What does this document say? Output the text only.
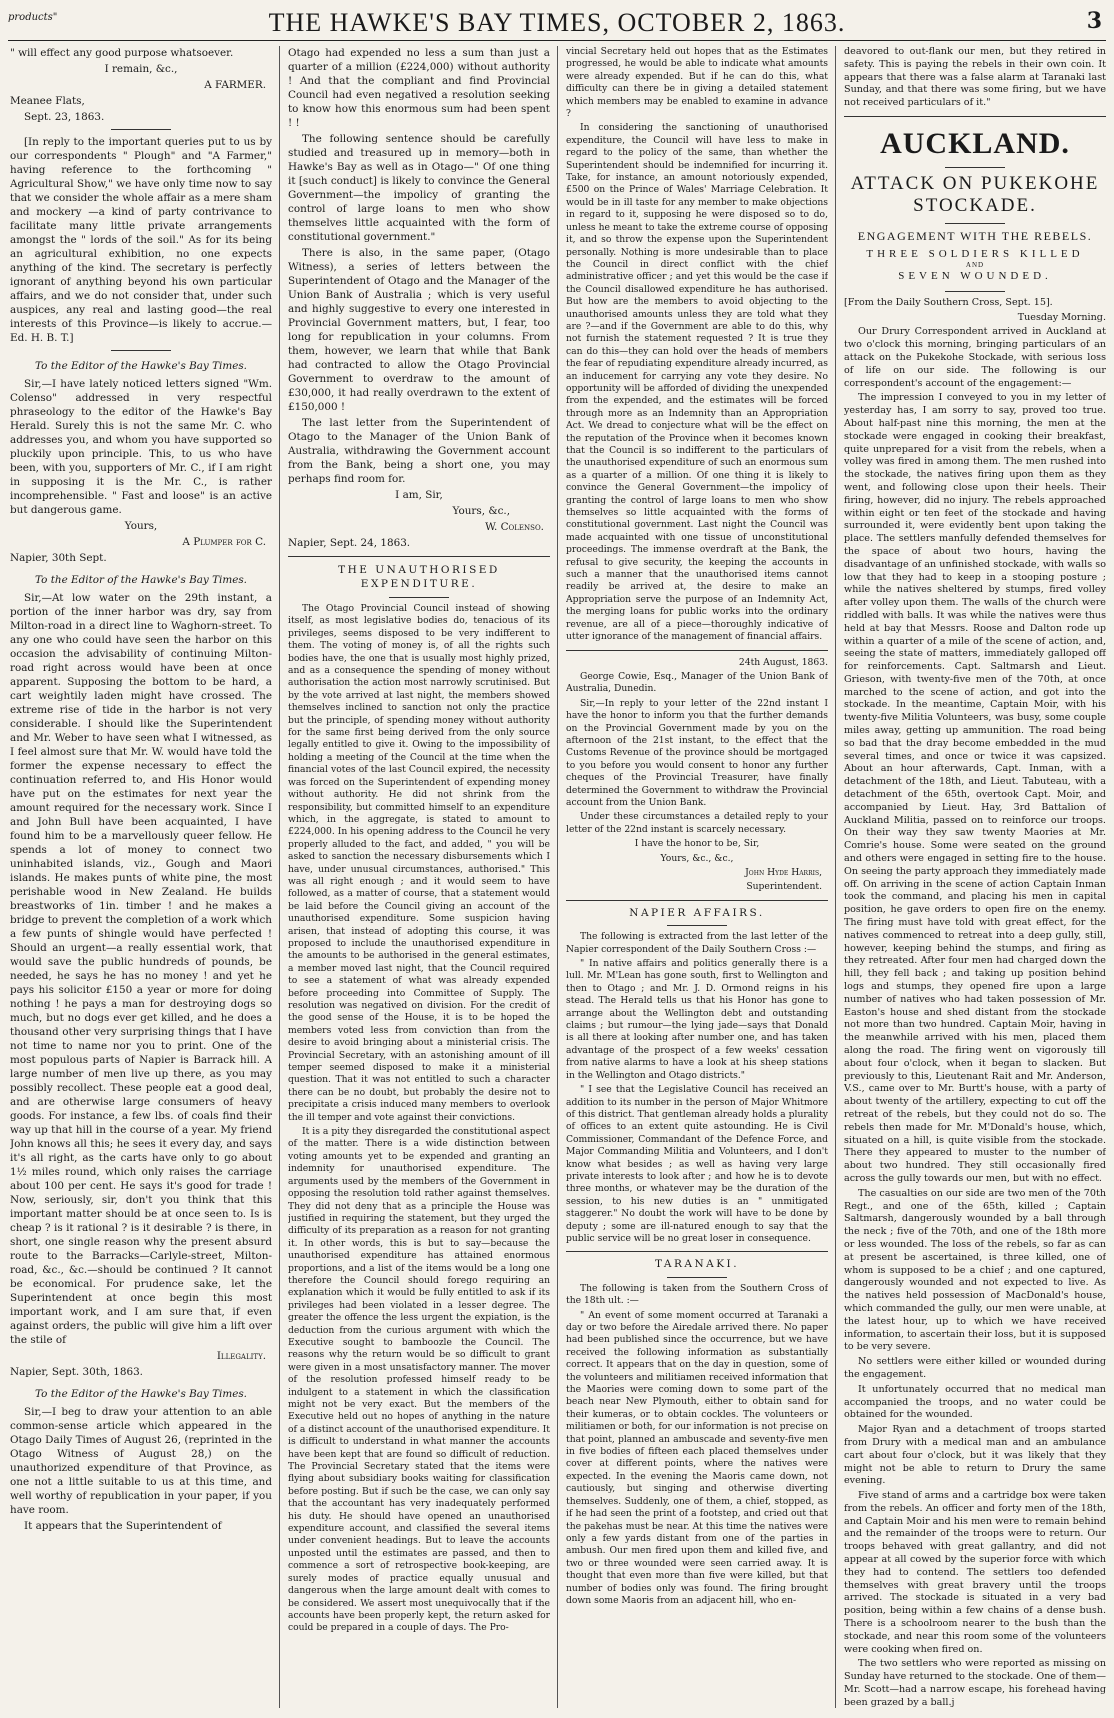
products"	THE HAWKE'S BAY TIMES, OCTOBER 2, 1863.	3

" will effect any good purpose whatsoever.

I remain, &c.,

A FARMER.

Meanee Flats,

Sept. 23, 1863.

[In reply to the important queries put to us by our correspondents " Plough" and "A Farmer," having reference to the forthcoming " Agricultural Show," we have only time now to say that we consider the whole affair as a mere sham and mockery —a kind of party contrivance to facilitate many little private arrangements amongst the " lords of the soil." As for its being an agricultural exhibition, no one expects anything of the kind. The secretary is perfectly ignorant of anything beyond his own particular affairs, and we do not consider that, under such auspices, any real and lasting good—the real interests of this Province—is likely to accrue.— Ed. H. B. T.]

To the Editor of the Hawke's Bay Times.

Sir,—I have lately noticed letters signed "Wm. Colenso" addressed in very respectful phraseology to the editor of the Hawke's Bay Herald. Surely this is not the same Mr. C. who addresses you, and whom you have supported so pluckily upon principle. This, to us who have been, with you, supporters of Mr. C., if I am right in supposing it is the Mr. C., is rather incomprehensible. " Fast and loose" is an active but dangerous game.

Yours,

A Plumper for C.

Napier, 30th Sept.

To the Editor of the Hawke's Bay Times.

Sir,—At low water on the 29th instant, a portion of the inner harbor was dry, say from Milton-road in a direct line to Waghorn-street. To any one who could have seen the harbor on this occasion the advisability of continuing Milton-road right across would have been at once apparent. Supposing the bottom to be hard, a cart weightily laden might have crossed. The extreme rise of tide in the harbor is not very considerable. I should like the Superintendent and Mr. Weber to have seen what I witnessed, as I feel almost sure that Mr. W. would have told the former the expense necessary to effect the continuation referred to, and His Honor would have put on the estimates for next year the amount required for the necessary work. Since I and John Bull have been acquainted, I have found him to be a marvellously queer fellow. He spends a lot of money to connect two uninhabited islands, viz., Gough and Maori islands. He makes punts of white pine, the most perishable wood in New Zealand. He builds breastworks of 1in. timber ! and he makes a bridge to prevent the completion of a work which a few punts of shingle would have perfected ! Should an urgent—a really essential work, that would save the public hundreds of pounds, be needed, he says he has no money ! and yet he pays his solicitor £150 a year or more for doing nothing ! he pays a man for destroying dogs so much, but no dogs ever get killed, and he does a thousand other very surprising things that I have not time to name nor you to print. One of the most populous parts of Napier is Barrack hill. A large number of men live up there, as you may possibly recollect. These people eat a good deal, and are otherwise large consumers of heavy goods. For instance, a few lbs. of coals find their way up that hill in the course of a year. My friend John knows all this; he sees it every day, and says it's all right, as the carts have only to go about 1½ miles round, which only raises the carriage about 100 per cent. He says it's good for trade ! Now, seriously, sir, don't you think that this important matter should be at once seen to. Is is cheap ? is it rational ? is it desirable ? is there, in short, one single reason why the present absurd route to the Barracks—Carlyle-street, Milton-road, &c., &c.—should be continued ? It cannot be economical. For prudence sake, let the Superintendent at once begin this most important work, and I am sure that, if even against orders, the public will give him a lift over the stile of

Illegality.

Napier, Sept. 30th, 1863.

To the Editor of the Hawke's Bay Times.

Sir,—I beg to draw your attention to an able common-sense article which appeared in the Otago Daily Times of August 26, (reprinted in the Otago Witness of August 28,) on the unauthorized expenditure of that Province, as one not a little suitable to us at this time, and well worthy of republication in your paper, if you have room.

It appears that the Superintendent of

Otago had expended no less a sum than just a quarter of a million (£224,000) without authority ! And that the compliant and find Provincial Council had even negatived a resolution seeking to know how this enormous sum had been spent ! !

The following sentence should be carefully studied and treasured up in memory—both in Hawke's Bay as well as in Otago—" Of one thing it [such conduct] is likely to convince the General Government—the impolicy of granting the control of large loans to men who show themselves little acquainted with the form of constitutional government."

There is also, in the same paper, (Otago Witness), a series of letters between the Superintendent of Otago and the Manager of the Union Bank of Australia ; which is very useful and highly suggestive to every one interested in Provincial Government matters, but, I fear, too long for republication in your columns. From them, however, we learn that while that Bank had contracted to allow the Otago Provincial Government to overdraw to the amount of £30,000, it had really overdrawn to the extent of £150,000 !

The last letter from the Superintendent of Otago to the Manager of the Union Bank of Australia, withdrawing the Government account from the Bank, being a short one, you may perhaps find room for.

I am, Sir,

Yours, &c.,

W. Colenso.

Napier, Sept. 24, 1863.

THE UNAUTHORISED EXPENDITURE.

The Otago Provincial Council instead of showing itself, as most legislative bodies do, tenacious of its privileges, seems disposed to be very indifferent to them. The voting of money is, of all the rights such bodies have, the one that is usually most highly prized, and as a consequence the spending of money without authorisation the action most narrowly scrutinised. But by the vote arrived at last night, the members showed themselves inclined to sanction not only the practice but the principle, of spending money without authority for the same first being derived from the only source legally entitled to give it. Owing to the impossibility of holding a meeting of the Council at the time when the financial votes of the last Council expired, the necessity was forced on the Superintendent of expending money without authority. He did not shrink from the responsibility, but committed himself to an expenditure which, in the aggregate, is stated to amount to £224,000. In his opening address to the Council he very properly alluded to the fact, and added, " you will be asked to sanction the necessary disbursements which I have, under unusual circumstances, authorised." This was all right enough ; and it would seem to have followed, as a matter of course, that a statement would be laid before the Council giving an account of the unauthorised expenditure. Some suspicion having arisen, that instead of adopting this course, it was proposed to include the unauthorised expenditure in the amounts to be authorised in the general estimates, a member moved last night, that the Council required to see a statement of what was already expended before proceeding into Committee of Supply. The resolution was negatived on division. For the credit of the good sense of the House, it is to be hoped the members voted less from conviction than from the desire to avoid bringing about a ministerial crisis. The Provincial Secretary, with an astonishing amount of ill temper seemed disposed to make it a ministerial question. That it was not entitled to such a character there can be no doubt, but probably the desire not to precipitate a crisis induced many members to overlook the ill temper and vote against their convictions.

It is a pity they disregarded the constitutional aspect of the matter. There is a wide distinction between voting amounts yet to be expended and granting an indemnity for unauthorised expenditure. The arguments used by the members of the Government in opposing the resolution told rather against themselves. They did not deny that as a principle the House was justified in requiring the statement, but they urged the difficulty of its preparation as a reason for not granting it. In other words, this is but to say—because the unauthorised expenditure has attained enormous proportions, and a list of the items would be a long one therefore the Council should forego requiring an explanation which it would be fully entitled to ask if its privileges had been violated in a lesser degree. The greater the offence the less urgent the expiation, is the deduction from the curious argument with which the Executive sought to bamboozle the Council. The reasons why the return would be so difficult to grant were given in a most unsatisfactory manner. The mover of the resolution professed himself ready to be indulgent to a statement in which the classification might not be very exact. But the members of the Executive held out no hopes of anything in the nature of a distinct account of the unauthorised expenditure. It is difficult to understand in what manner the accounts have been kept that are found so difficult of reduction. The Provincial Secretary stated that the items were flying about subsidiary books waiting for classification before posting. But if such be the case, we can only say that the accountant has very inadequately performed his duty. He should have opened an unauthorised expenditure account, and classified the several items under convenient headings. But to leave the accounts unposted until the estimates are passed, and then to commence a sort of retrospective book-keeping, are surely modes of practice equally unusual and dangerous when the large amount dealt with comes to be considered. We assert most unequivocally that if the accounts have been properly kept, the return asked for could be prepared in a couple of days. The Pro-

vincial Secretary held out hopes that as the Estimates progressed, he would be able to indicate what amounts were already expended. But if he can do this, what difficulty can there be in giving a detailed statement which members may be enabled to examine in advance ?

In considering the sanctioning of unauthorised expenditure, the Council will have less to make in regard to the policy of the same, than whether the Superintendent should be indemnified for incurring it. Take, for instance, an amount notoriously expended, £500 on the Prince of Wales' Marriage Celebration. It would be in ill taste for any member to make objections in regard to it, supposing he were disposed so to do, unless he meant to take the extreme course of opposing it, and so throw the expense upon the Superintendent personally. Nothing is more undesirable than to place the Council in direct conflict with the chief administrative officer ; and yet this would be the case if the Council disallowed expenditure he has authorised. But how are the members to avoid objecting to the unauthorised amounts unless they are told what they are ?—and if the Government are able to do this, why not furnish the statement requested ? It is true they can do this—they can hold over the heads of members the fear of repudiating expenditure already incurred, as an inducement for carrying any vote they desire. No opportunity will be afforded of dividing the unexpended from the expended, and the estimates will be forced through more as an Indemnity than an Appropriation Act. We dread to conjecture what will be the effect on the reputation of the Province when it becomes known that the Council is so indifferent to the particulars of the unauthorised expenditure of such an enormous sum as a quarter of a million. Of one thing it is likely to convince the General Government—the impolicy of granting the control of large loans to men who show themselves so little acquainted with the forms of constitutional government. Last night the Council was made acquainted with one tissue of unconstitutional proceedings. The immense overdraft at the Bank, the refusal to give security, the keeping the accounts in such a manner that the unauthorised items cannot readily be arrived at, the desire to make an Appropriation serve the purpose of an Indemnity Act, the merging loans for public works into the ordinary revenue, are all of a piece—thoroughly indicative of utter ignorance of the management of financial affairs.

24th August, 1863.

George Cowie, Esq., Manager of the Union Bank of Australia, Dunedin.

Sir,—In reply to your letter of the 22nd instant I have the honor to inform you that the further demands on the Provincial Government made by you on the afternoon of the 21st instant, to the effect that the Customs Revenue of the province should be mortgaged to you before you would consent to honor any further cheques of the Provincial Treasurer, have finally determined the Government to withdraw the Provincial account from the Union Bank.

Under these circumstances a detailed reply to your letter of the 22nd instant is scarcely necessary.

I have the honor to be, Sir,

Yours, &c., &c.,

John Hyde Harris,

Superintendent.

NAPIER AFFAIRS.

The following is extracted from the last letter of the Napier correspondent of the Daily Southern Cross :—

" In native affairs and politics generally there is a lull. Mr. M'Lean has gone south, first to Wellington and then to Otago ; and Mr. J. D. Ormond reigns in his stead. The Herald tells us that his Honor has gone to arrange about the Wellington debt and outstanding claims ; but rumour—the lying jade—says that Donald is all there at looking after number one, and has taken advantage of the prospect of a few weeks' cessation from native alarms to have a look at his sheep stations in the Wellington and Otago districts."

" I see that the Legislative Council has received an addition to its number in the person of Major Whitmore of this district. That gentleman already holds a plurality of offices to an extent quite astounding. He is Civil Commissioner, Commandant of the Defence Force, and Major Commanding Militia and Volunteers, and I don't know what besides ; as well as having very large private interests to look after ; and how he is to devote three months, or whatever may be the duration of the session, to his new duties is an " unmitigated staggerer." No doubt the work will have to be done by deputy ; some are ill-natured enough to say that the public service will be no great loser in consequence.

TARANAKI.

The following is taken from the Southern Cross of the 18th ult. :—

" An event of some moment occurred at Taranaki a day or two before the Airedale arrived there. No paper had been published since the occurrence, but we have received the following information as substantially correct. It appears that on the day in question, some of the volunteers and militiamen received information that the Maories were coming down to some part of the beach near New Plymouth, either to obtain sand for their kumeras, or to obtain cockles. The volunteers or militiamen or both, for our information is not precise on that point, planned an ambuscade and seventy-five men in five bodies of fifteen each placed themselves under cover at different points, where the natives were expected. In the evening the Maoris came down, not cautiously, but singing and otherwise diverting themselves. Suddenly, one of them, a chief, stopped, as if he had seen the print of a footstep, and cried out that the pakehas must be near. At this time the natives were only a few yards distant from one of the parties in ambush. Our men fired upon them and killed five, and two or three wounded were seen carried away. It is thought that even more than five were killed, but that number of bodies only was found. The firing brought down some Maoris from an adjacent hill, who en-

deavored to out-flank our men, but they retired in safety. This is paying the rebels in their own coin. It appears that there was a false alarm at Taranaki last Sunday, and that there was some firing, but we have not received particulars of it."

AUCKLAND.
ATTACK ON PUKEKOHE STOCKADE.
ENGAGEMENT WITH THE REBELS.
THREE SOLDIERS KILLED
AND
SEVEN WOUNDED.

[From the Daily Southern Cross, Sept. 15].

Tuesday Morning.

Our Drury Correspondent arrived in Auckland at two o'clock this morning, bringing particulars of an attack on the Pukekohe Stockade, with serious loss of life on our side. The following is our correspondent's account of the engagement:—

The impression I conveyed to you in my letter of yesterday has, I am sorry to say, proved too true. About half-past nine this morning, the men at the stockade were engaged in cooking their breakfast, quite unprepared for a visit from the rebels, when a volley was fired in among them. The men rushed into the stockade, the natives firing upon them as they went, and following close upon their heels. Their firing, however, did no injury. The rebels approached within eight or ten feet of the stockade and having surrounded it, were evidently bent upon taking the place. The settlers manfully defended themselves for the space of about two hours, having the disadvantage of an unfinished stockade, with walls so low that they had to keep in a stooping posture ; while the natives sheltered by stumps, fired volley after volley upon them. The walls of the church were riddled with balls. It was while the natives were thus held at bay that Messrs. Roose and Dalton rode up within a quarter of a mile of the scene of action, and, seeing the state of matters, immediately galloped off for reinforcements. Capt. Saltmarsh and Lieut. Grieson, with twenty-five men of the 70th, at once marched to the scene of action, and got into the stockade. In the meantime, Captain Moir, with his twenty-five Militia Volunteers, was busy, some couple miles away, getting up ammunition. The road being so bad that the dray become embedded in the mud several times, and once or twice it was capsized. About an hour afterwards, Capt. Inman, with a detachment of the 18th, and Lieut. Tabuteau, with a detachment of the 65th, overtook Capt. Moir, and accompanied by Lieut. Hay, 3rd Battalion of Auckland Militia, passed on to reinforce our troops. On their way they saw twenty Maories at Mr. Comrie's house. Some were seated on the ground and others were engaged in setting fire to the house. On seeing the party approach they immediately made off. On arriving in the scene of action Captain Inman took the command, and placing his men in capital position, he gave orders to open fire on the enemy. The firing must have told with great effect, for the natives commenced to retreat into a deep gully, still, however, keeping behind the stumps, and firing as they retreated. After four men had charged down the hill, they fell back ; and taking up position behind logs and stumps, they opened fire upon a large number of natives who had taken possession of Mr. Easton's house and shed distant from the stockade not more than two hundred. Captain Moir, having in the meanwhile arrived with his men, placed them along the road. The firing went on vigorously till about four o'clock, when it began to slacken. But previously to this, Lieutenant Rait and Mr. Anderson, V.S., came over to Mr. Burtt's house, with a party of about twenty of the artillery, expecting to cut off the retreat of the rebels, but they could not do so. The rebels then made for Mr. M'Donald's house, which, situated on a hill, is quite visible from the stockade. There they appeared to muster to the number of about two hundred. They still occasionally fired across the gully towards our men, but with no effect.

The casualties on our side are two men of the 70th Regt., and one of the 65th, killed ; Captain Saltmarsh, dangerously wounded by a ball through the neck ; five of the 70th, and one of the 18th more or less wounded. The loss of the rebels, so far as can at present be ascertained, is three killed, one of whom is supposed to be a chief ; and one captured, dangerously wounded and not expected to live. As the natives held possession of MacDonald's house, which commanded the gully, our men were unable, at the latest hour, up to which we have received information, to ascertain their loss, but it is supposed to be very severe.

No settlers were either killed or wounded during the engagement.

It unfortunately occurred that no medical man accompanied the troops, and no water could be obtained for the wounded.

Major Ryan and a detachment of troops started from Drury with a medical man and an ambulance cart about four o'clock, but it was likely that they might not be able to return to Drury the same evening.

Five stand of arms and a cartridge box were taken from the rebels. An officer and forty men of the 18th, and Captain Moir and his men were to remain behind and the remainder of the troops were to return. Our troops behaved with great gallantry, and did not appear at all cowed by the superior force with which they had to contend. The settlers too defended themselves with great bravery until the troops arrived. The stockade is situated in a very bad position, being within a few chains of a dense bush. There is a schoolroom nearer to the bush than the stockade, and near this room some of the volunteers were cooking when fired on.

The two settlers who were reported as missing on Sunday have returned to the stockade. One of them—Mr. Scott—had a narrow escape, his forehead having been grazed by a ball.j
